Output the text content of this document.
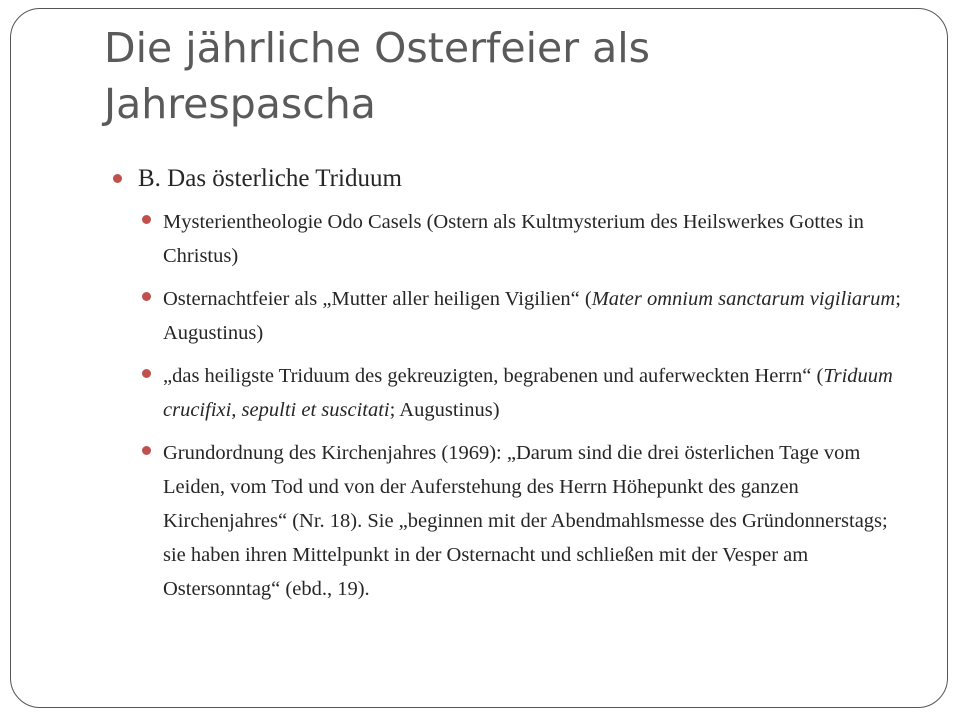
Die jährliche Osterfeier als Jahrespascha
B. Das österliche Triduum
Mysterientheologie Odo Casels (Ostern als Kultmysterium des Heilswerkes Gottes in Christus)
Osternachtfeier als „Mutter aller heiligen Vigilien“ (Mater omnium sanctarum vigiliarum; Augustinus)
„das heiligste Triduum des gekreuzigten, begrabenen und auferweckten Herrn“ (Triduum crucifixi, sepulti et suscitati; Augustinus)
Grundordnung des Kirchenjahres (1969): „Darum sind die drei österlichen Tage vom Leiden, vom Tod und von der Auferstehung des Herrn Höhepunkt des ganzen Kirchenjahres“ (Nr. 18). Sie „beginnen mit der Abendmahlsmesse des Gründonnerstags; sie haben ihren Mittelpunkt in der Osternacht und schließen mit der Vesper am Ostersonntag“ (ebd., 19).
